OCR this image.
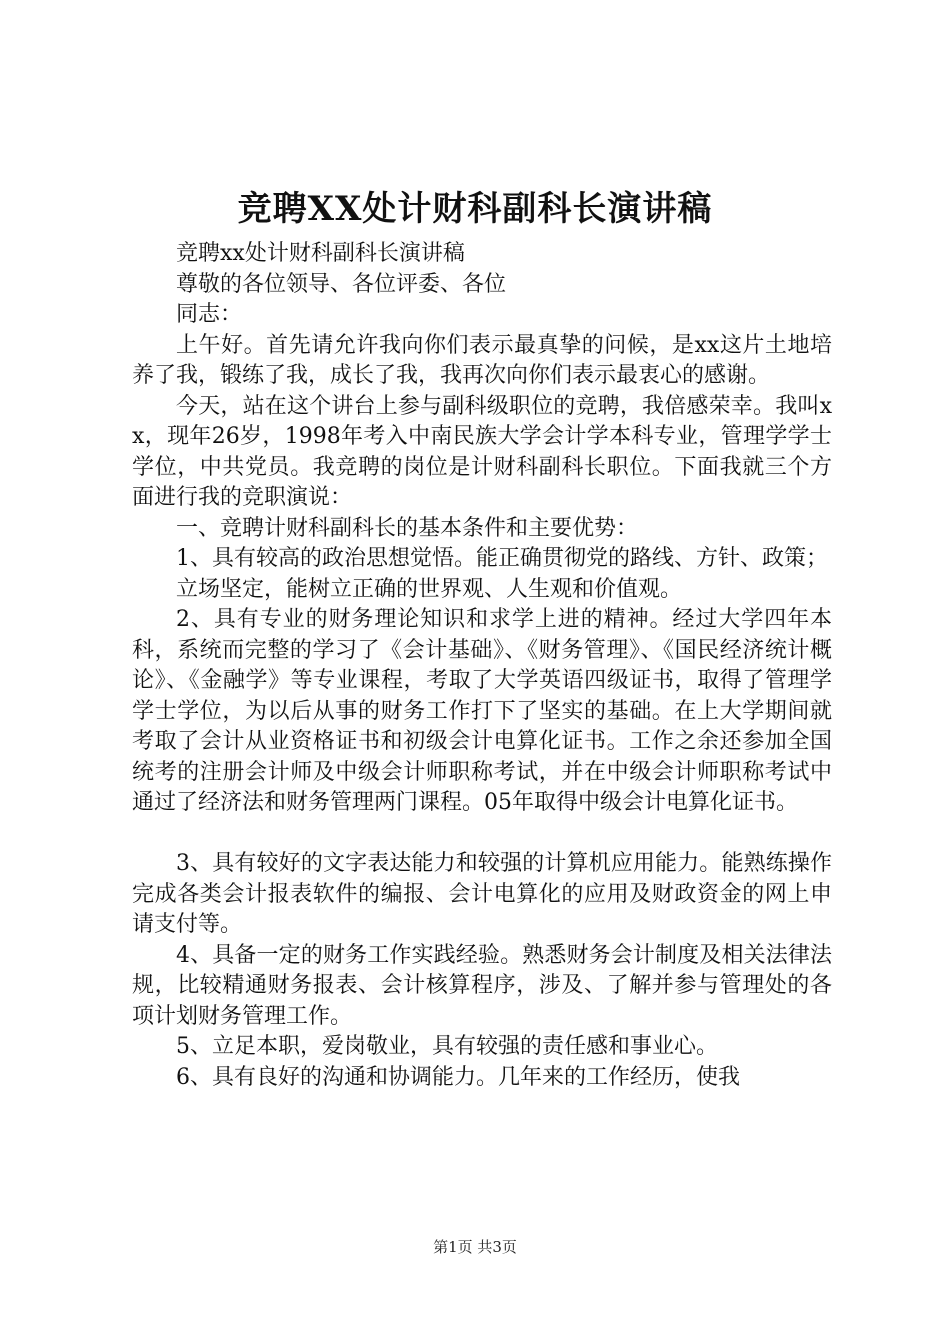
竞聘XX处计财科副科长演讲稿

竞聘xx处计财科副科长演讲稿

尊敬的各位领导、各位评委、各位

同志：

上午好。首先请允许我向你们表示最真挚的问候，是xx这片土地培养了我，锻练了我，成长了我，我再次向你们表示最衷心的感谢。

今天，站在这个讲台上参与副科级职位的竞聘，我倍感荣幸。我叫xx，现年26岁，1998年考入中南民族大学会计学本科专业，管理学学士学位，中共党员。我竞聘的岗位是计财科副科长职位。下面我就三个方面进行我的竞职演说：

一、竞聘计财科副科长的基本条件和主要优势：

1、具有较高的政治思想觉悟。能正确贯彻党的路线、方针、政策；

立场坚定，能树立正确的世界观、人生观和价值观。

2、具有专业的财务理论知识和求学上进的精神。经过大学四年本科，系统而完整的学习了《会计基础》、《财务管理》、《国民经济统计概论》、《金融学》等专业课程，考取了大学英语四级证书，取得了管理学学士学位，为以后从事的财务工作打下了坚实的基础。在上大学期间就考取了会计从业资格证书和初级会计电算化证书。工作之余还参加全国统考的注册会计师及中级会计师职称考试，并在中级会计师职称考试中通过了经济法和财务管理两门课程。05年取得中级会计电算化证书。

3、具有较好的文字表达能力和较强的计算机应用能力。能熟练操作完成各类会计报表软件的编报、会计电算化的应用及财政资金的网上申请支付等。

4、具备一定的财务工作实践经验。熟悉财务会计制度及相关法律法规，比较精通财务报表、会计核算程序，涉及、了解并参与管理处的各项计划财务管理工作。

5、立足本职，爱岗敬业，具有较强的责任感和事业心。

6、具有良好的沟通和协调能力。几年来的工作经历，使我

第1页 共3页
